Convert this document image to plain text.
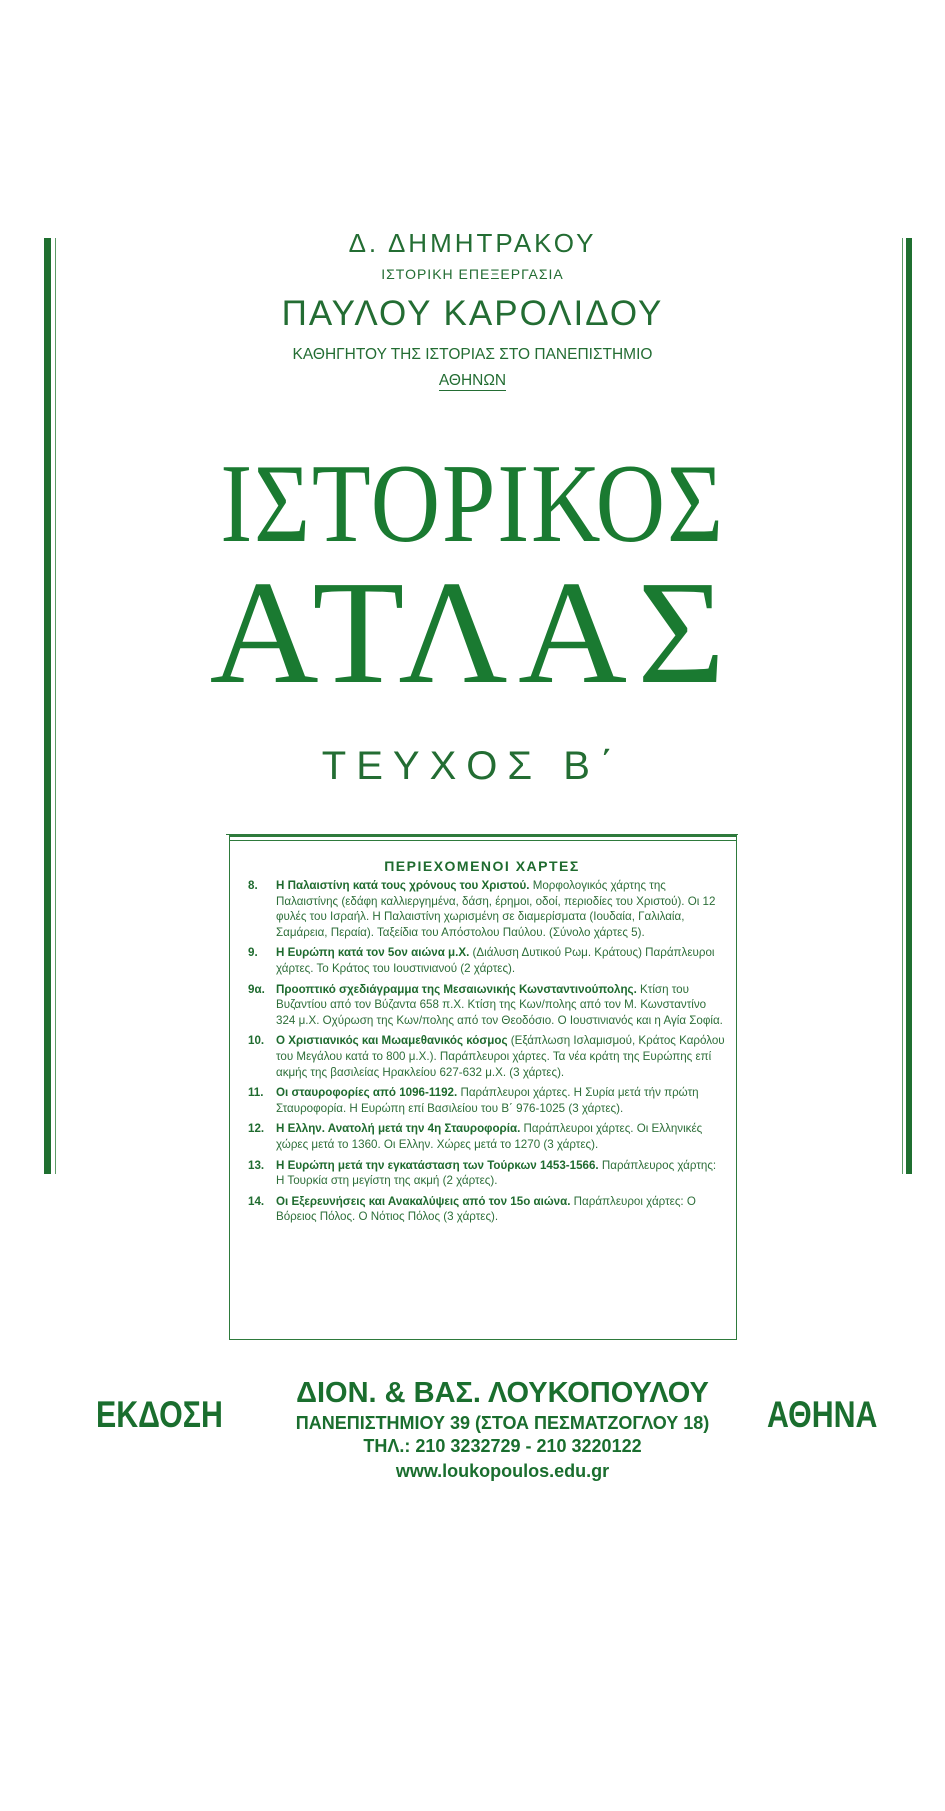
Δ. ΔΗΜΗΤΡΑΚΟΥ
ΙΣΤΟΡΙΚΗ ΕΠΕΞΕΡΓΑΣΙΑ
ΠΑΥΛΟΥ ΚΑΡΟΛΙΔΟΥ
ΚΑΘΗΓΗΤΟΥ ΤΗΣ ΙΣΤΟΡΙΑΣ ΣΤΟ ΠΑΝΕΠΙΣΤΗΜΙΟ
ΑΘΗΝΩΝ
ΙΣΤΟΡΙΚΟΣ
ΑΤΛΑΣ
ΤΕΥΧΟΣ Β΄
ΠΕΡΙΕΧΟΜΕΝΟΙ ΧΑΡΤΕΣ
8. Η Παλαιστίνη κατά τους χρόνους του Χριστού. Μορφολογικός χάρτης της Παλαιστίνης (εδάφη καλλιεργημένα, δάση, έρημοι, οδοί, περιοδίες του Χριστού). Οι 12 φυλές του Ισραήλ. Η Παλαιστίνη χωρισμένη σε διαμερίσματα (Ιουδαία, Γαλιλαία, Σαμάρεια, Περαία). Ταξείδια του Απόστολου Παύλου. (Σύνολο χάρτες 5).
9. Η Ευρώπη κατά τον 5ον αιώνα μ.Χ. (Διάλυση Δυτικού Ρωμ. Κράτους) Παράπλευροι χάρτες. Το Κράτος του Ιουστινιανού (2 χάρτες).
9α. Προοπτικό σχεδιάγραμμα της Μεσαιωνικής Κωνσταντινούπολης. Κτίση του Βυζαντίου από τον Βύζαντα 658 π.Χ. Κτίση της Κων/πολης από τον Μ. Κωνσταντίνο 324 μ.Χ. Οχύρωση της Κων/πολης από τον Θεοδόσιο. Ο Ιουστινιανός και η Αγία Σοφία.
10. Ο Χριστιανικός και Μωαμεθανικός κόσμος (Εξάπλωση Ισλαμισμού, Κράτος Καρόλου του Μεγάλου κατά το 800 μ.Χ.). Παράπλευροι χάρτες. Τα νέα κράτη της Ευρώπης επί ακμής της βασιλείας Ηρακλείου 627-632 μ.Χ. (3 χάρτες).
11. Οι σταυροφορίες από 1096-1192. Παράπλευροι χάρτες. Η Συρία μετά τήν πρώτη Σταυροφορία. Η Ευρώπη επί Βασιλείου του Β΄ 976-1025 (3 χάρτες).
12. Η Ελλην. Ανατολή μετά την 4η Σταυροφορία. Παράπλευροι χάρτες. Οι Ελληνικές χώρες μετά το 1360. Οι Ελλην. Χώρες μετά το 1270 (3 χάρτες).
13. Η Ευρώπη μετά την εγκατάσταση των Τούρκων 1453-1566. Παράπλευρος χάρτης: Η Τουρκία στη μεγίστη της ακμή (2 χάρτες).
14. Οι Εξερευνήσεις και Ανακαλύψεις από τον 15ο αιώνα. Παράπλευροι χάρτες: Ο Βόρειος Πόλος. Ο Νότιος Πόλος (3 χάρτες).
ΕΚΔΟΣΗ	ΑΘΗΝΑ
ΔΙΟΝ. & ΒΑΣ. ΛΟΥΚΟΠΟΥΛΟΥ
ΠΑΝΕΠΙΣΤΗΜΙΟΥ 39 (ΣΤΟΑ ΠΕΣΜΑΤΖΟΓΛΟΥ 18)
ΤΗΛ.: 210 3232729 - 210 3220122
www.loukopoulos.edu.gr
